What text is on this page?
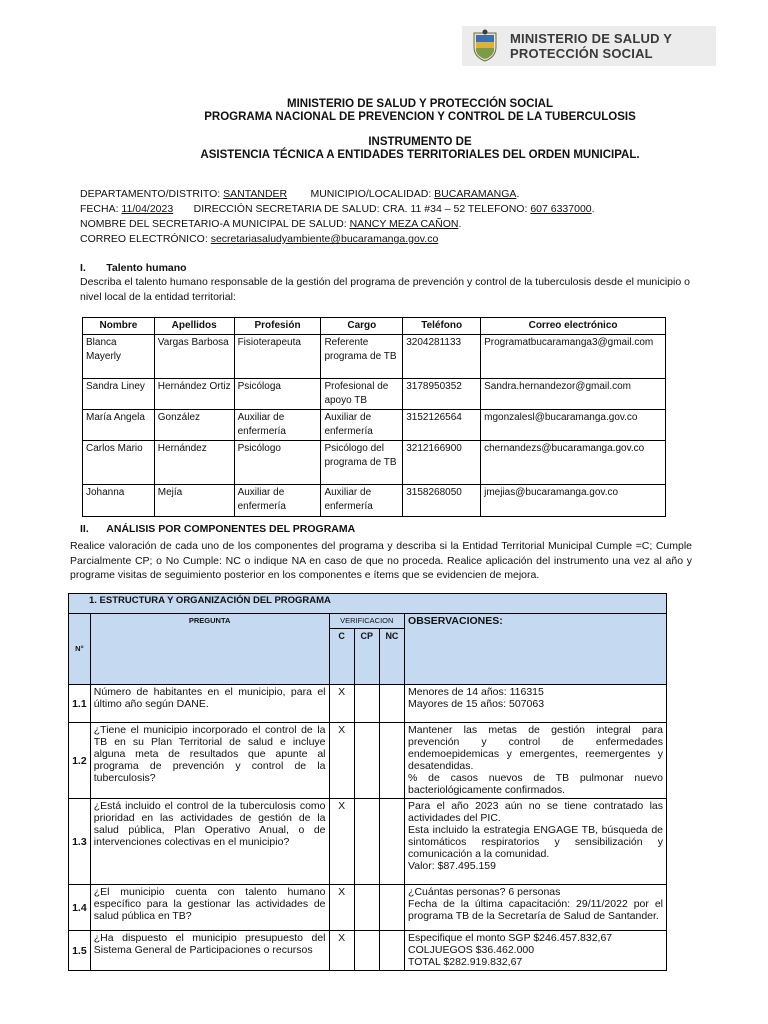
MINISTERIO DE SALUD Y
PROTECCIÓN SOCIAL
MINISTERIO DE SALUD Y PROTECCIÓN SOCIAL
PROGRAMA NACIONAL DE PREVENCION Y CONTROL DE LA TUBERCULOSIS
INSTRUMENTO DE
ASISTENCIA TÉCNICA A ENTIDADES TERRITORIALES DEL ORDEN MUNICIPAL.
DEPARTAMENTO/DISTRITO: SANTANDER MUNICIPIO/LOCALIDAD: BUCARAMANGA.
FECHA: 11/04/2023 DIRECCIÓN SECRETARIA DE SALUD: CRA. 11 #34 – 52 TELEFONO: 607 6337000.
NOMBRE DEL SECRETARIO-A MUNICIPAL DE SALUD: NANCY MEZA CAÑON.
CORREO ELECTRÓNICO: secretariasaludyambiente@bucaramanga.gov.co
I. Talento humano
Describa el talento humano responsable de la gestión del programa de prevención y control de la tuberculosis desde el municipio o nivel local de la entidad territorial:
Nombre	Apellidos	Profesión	Cargo	Teléfono	Correo electrónico
Blanca Mayerly	Vargas Barbosa	Fisioterapeuta	Referente programa de TB	3204281133	Programatbucaramanga3@gmail.com
Sandra Liney	Hernández Ortiz	Psicóloga	Profesional de apoyo TB	3178950352	Sandra.hernandezor@gmail.com
María Angela	González	Auxiliar de enfermería	Auxiliar de enfermería	3152126564	mgonzalesl@bucaramanga.gov.co
Carlos Mario	Hernández	Psicólogo	Psicólogo del programa de TB	3212166900	chernandezs@bucaramanga.gov.co
Johanna	Mejía	Auxiliar de enfermería	Auxiliar de enfermería	3158268050	jmejias@bucaramanga.gov.co
II. ANÁLISIS POR COMPONENTES DEL PROGRAMA
Realice valoración de cada uno de los componentes del programa y describa si la Entidad Territorial Municipal Cumple =C; Cumple Parcialmente CP; o No Cumple: NC o indique NA en caso de que no proceda. Realice aplicación del instrumento una vez al año y programe visitas de seguimiento posterior en los componentes e ítems que se evidencien de mejora.
1. ESTRUCTURA Y ORGANIZACIÓN DEL PROGRAMA					
N°	PREGUNTA	VERIFICACION			OBSERVACIONES:
		C	CP	NC	
1.1	Número de habitantes en el municipio, para el último año según DANE.	X			Menores de 14 años: 116315
Mayores de 15 años: 507063

1.2	¿Tiene el municipio incorporado el control de la TB en su Plan Territorial de salud e incluye alguna meta de resultados que apunte al programa de prevención y control de la tuberculosis?	X			Mantener las metas de gestión integral para prevención y control de enfermedades endemoepidemicas y emergentes, reemergentes y desatendidas.
% de casos nuevos de TB pulmonar nuevo bacteriológicamente confirmados.

1.3	¿Está incluido el control de la tuberculosis como prioridad en las actividades de gestión de la salud pública, Plan Operativo Anual, o de intervenciones colectivas en el municipio?	X			Para el año 2023 aún no se tiene contratado las actividades del PIC.
Esta incluido la estrategia ENGAGE TB, búsqueda de sintomáticos respiratorios y sensibilización y comunicación a la comunidad.
Valor: $87.495.159

1.4	¿El municipio cuenta con talento humano específico para la gestionar las actividades de salud pública en TB?	X			¿Cuántas personas? 6 personas
Fecha de la última capacitación: 29/11/2022 por el programa TB de la Secretaría de Salud de Santander.

1.5	¿Ha dispuesto el municipio presupuesto del Sistema General de Participaciones o recursos	X			Especifique el monto SGP $246.457.832,67
COLJUEGOS $36.462.000
TOTAL $282.919.832,67
